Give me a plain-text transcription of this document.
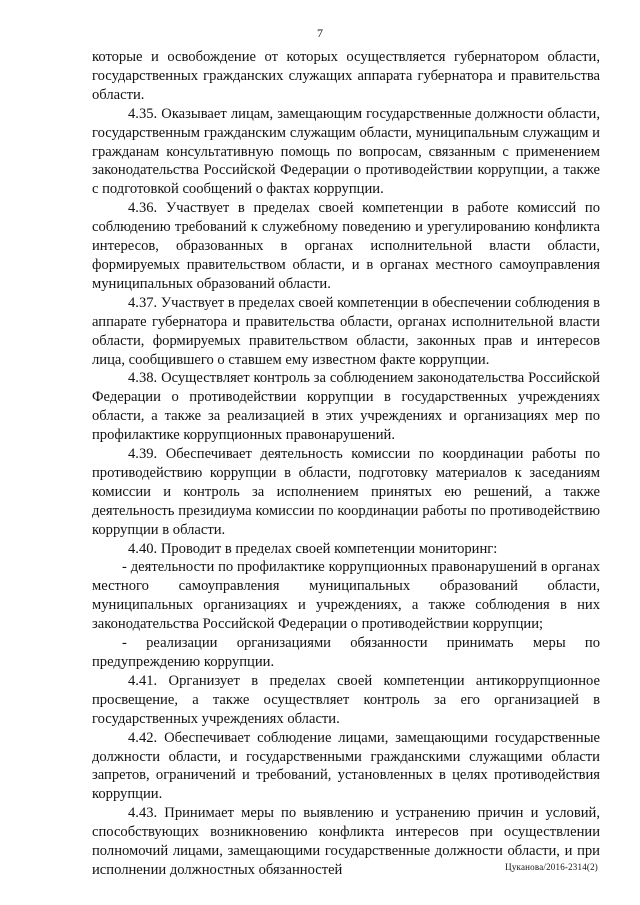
7

которые и освобождение от которых осуществляется губернатором области, государственных гражданских служащих аппарата губернатора и правительства области.

4.35. Оказывает лицам, замещающим государственные должности области, государственным гражданским служащим области, муниципальным служащим и гражданам консультативную помощь по вопросам, связанным с применением законодательства Российской Федерации о противодействии коррупции, а также с подготовкой сообщений о фактах коррупции.

4.36. Участвует в пределах своей компетенции в работе комиссий по соблюдению требований к служебному поведению и урегулированию конфликта интересов, образованных в органах исполнительной власти области, формируемых правительством области, и в органах местного самоуправления муниципальных образований области.

4.37. Участвует в пределах своей компетенции в обеспечении соблюдения в аппарате губернатора и правительства области, органах исполнительной власти области, формируемых правительством области, законных прав и интересов лица, сообщившего о ставшем ему известном факте коррупции.

4.38. Осуществляет контроль за соблюдением законодательства Российской Федерации о противодействии коррупции в государственных учреждениях области, а также за реализацией в этих учреждениях и организациях мер по профилактике коррупционных правонарушений.

4.39. Обеспечивает деятельность комиссии по координации работы по противодействию коррупции в области, подготовку материалов к заседаниям комиссии и контроль за исполнением принятых ею решений, а также деятельность президиума комиссии по координации работы по противодействию коррупции в области.

4.40. Проводит в пределах своей компетенции мониторинг:

- деятельности по профилактике коррупционных правонарушений в органах местного самоуправления муниципальных образований области, муниципальных организациях и учреждениях, а также соблюдения в них законодательства Российской Федерации о противодействии коррупции;

- реализации организациями обязанности принимать меры по предупреждению коррупции.

4.41. Организует в пределах своей компетенции антикоррупционное просвещение, а также осуществляет контроль за его организацией в государственных учреждениях области.

4.42. Обеспечивает соблюдение лицами, замещающими государственные должности области, и государственными гражданскими служащими области запретов, ограничений и требований, установленных в целях противодействия коррупции.

4.43. Принимает меры по выявлению и устранению причин и условий, способствующих возникновению конфликта интересов при осуществлении полномочий лицами, замещающими государственные должности области, и при исполнении должностных обязанностей	Цуканова/2016-2314(2)
